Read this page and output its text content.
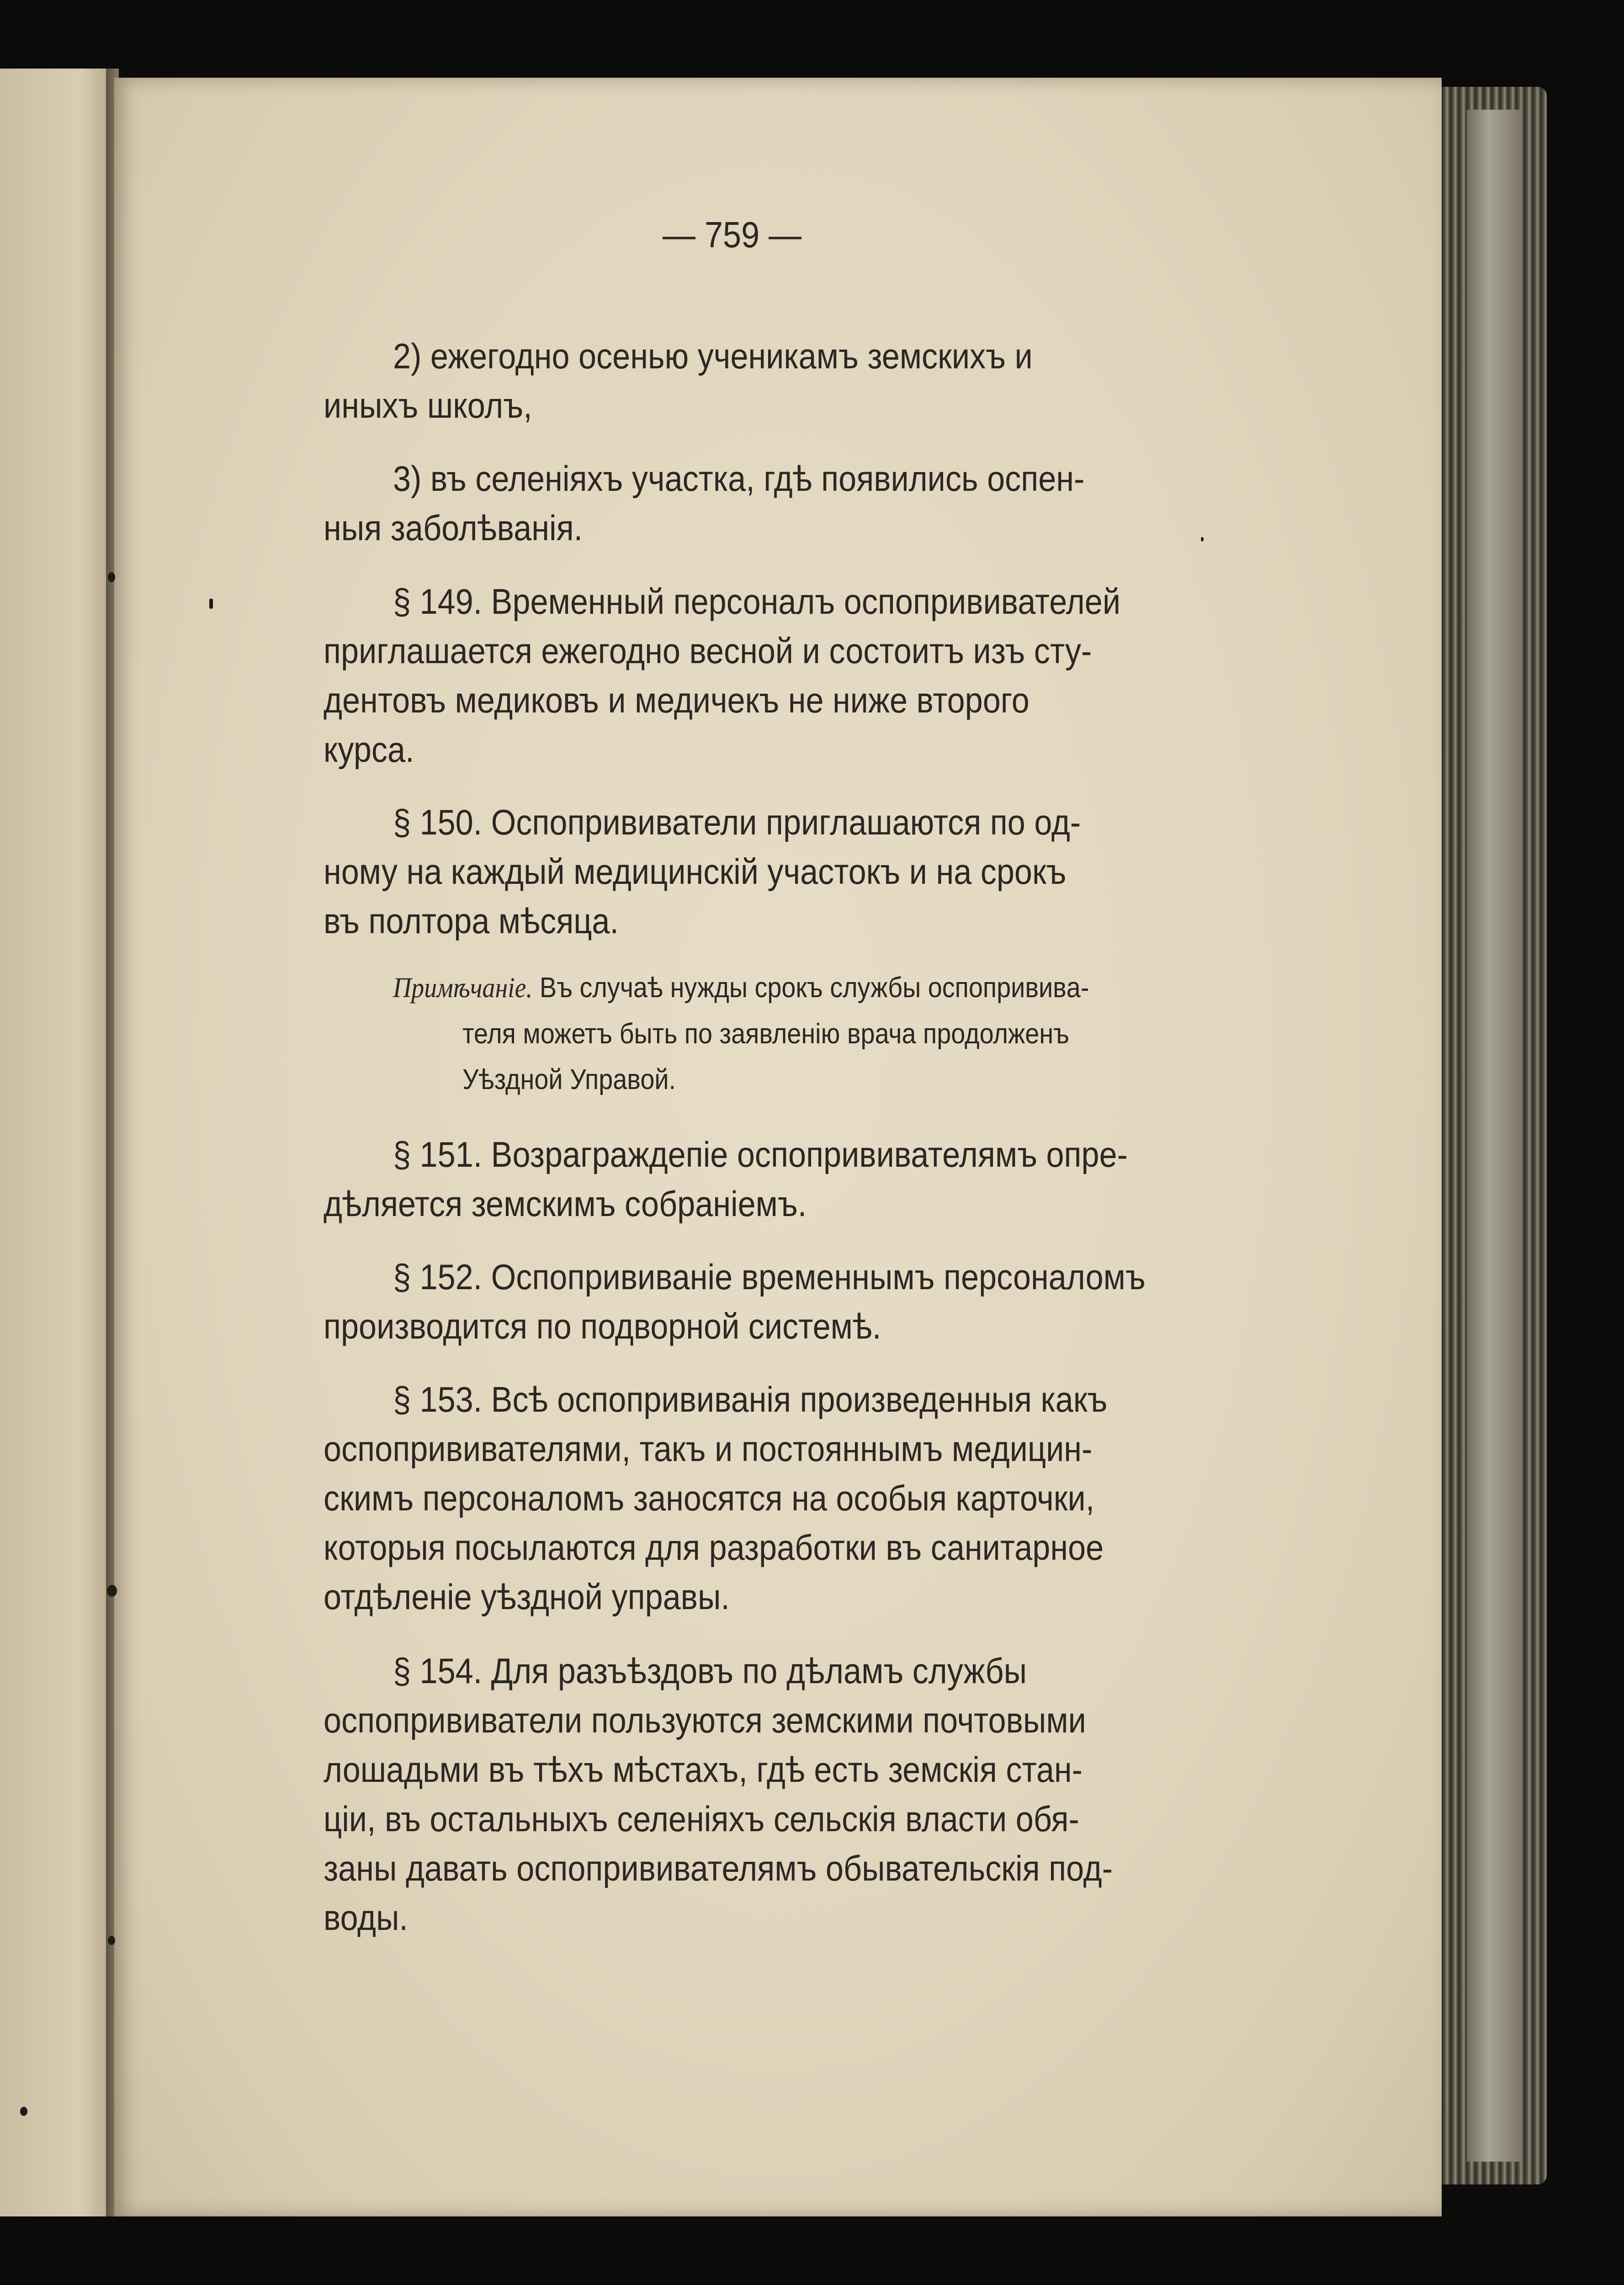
— 759 —
2) ежегодно осенью ученикамъ земскихъ и
иныхъ школъ,
3) въ селеніяхъ участка, гдѣ появились оспен-
ныя заболѣванія.
§ 149. Временный персоналъ оспопрививателей
приглашается ежегодно весной и состоитъ изъ сту-
дентовъ медиковъ и медичекъ не ниже второго
курса.
§ 150. Оспопрививатели приглашаются по од-
ному на каждый медицинскій участокъ и на срокъ
въ полтора мѣсяца.
Примѣчаніе. Въ случаѣ нужды срокъ службы оспопрививa-
теля можетъ быть по заявленію врача продолженъ
Уѣздной Управой.
§ 151. Возраграждепіе оспопрививателямъ опре-
дѣляется земскимъ собраніемъ.
§ 152. Оспопрививаніе временнымъ персоналомъ
производится по подворной системѣ.
§ 153. Всѣ оспопрививанія произведенныя какъ
оспопрививателями, такъ и постояннымъ медицин-
скимъ персоналомъ заносятся на особыя карточки,
которыя посылаются для разработки въ санитарное
отдѣленіе уѣздной управы.
§ 154. Для разъѣздовъ по дѣламъ службы
оспопрививатели пользуются земскими почтовыми
лошадьми въ тѣхъ мѣстахъ, гдѣ есть земскія стан-
ціи, въ остальныхъ селеніяхъ сельскія власти обя-
заны давать оспопрививателямъ обывательскія под-
воды.
